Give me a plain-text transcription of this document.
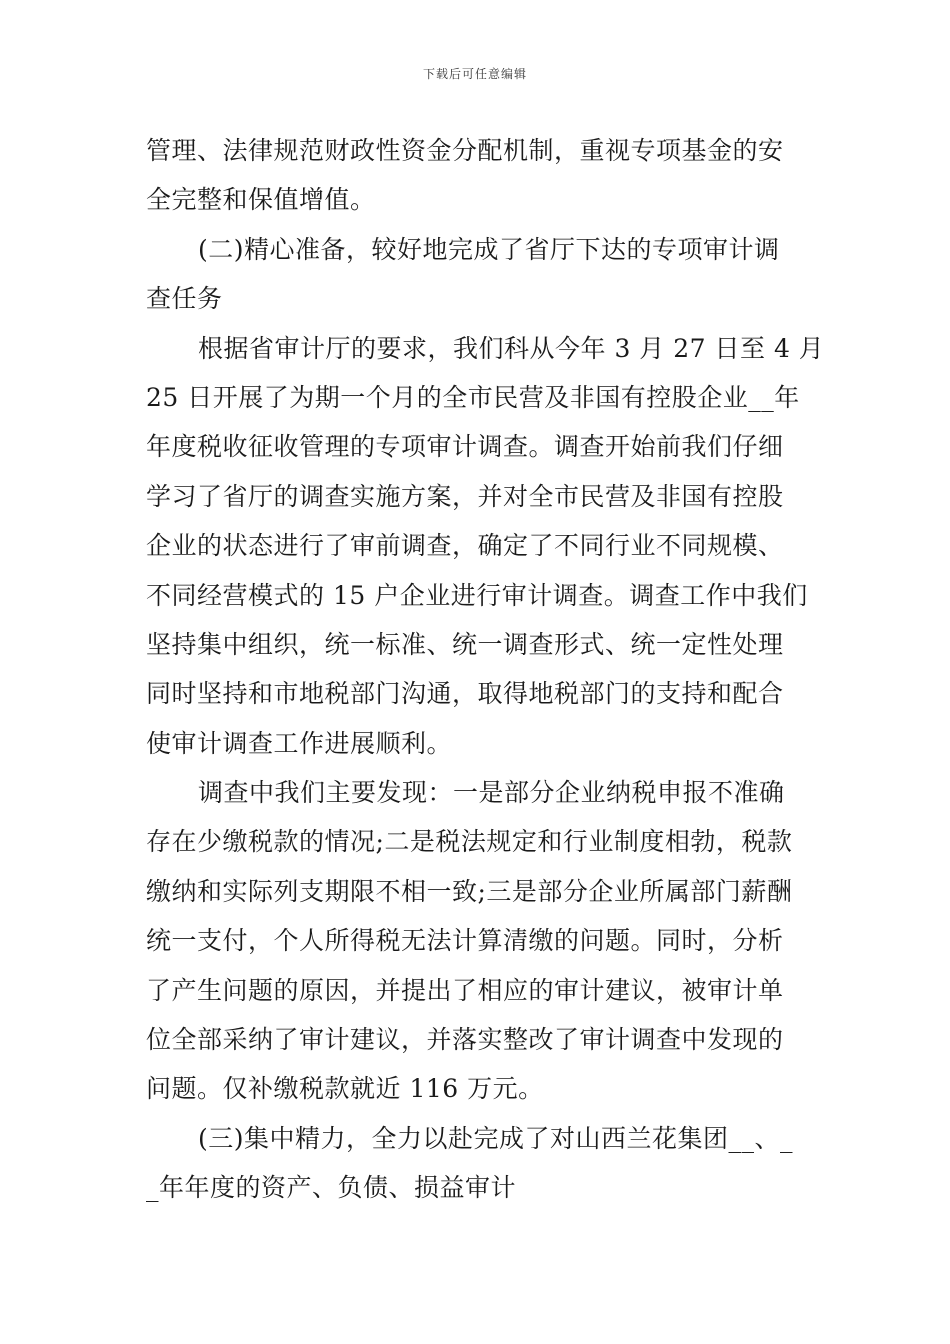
下载后可任意编辑
管理、法律规范财政性资金分配机制，重视专项基金的安
全完整和保值增值。
(二)精心准备，较好地完成了省厅下达的专项审计调
查任务
根据省审计厅的要求，我们科从今年 3 月 27 日至 4 月
25 日开展了为期一个月的全市民营及非国有控股企业__年
年度税收征收管理的专项审计调查。调查开始前我们仔细
学习了省厅的调查实施方案，并对全市民营及非国有控股
企业的状态进行了审前调查，确定了不同行业不同规模、
不同经营模式的 15 户企业进行审计调查。调查工作中我们
坚持集中组织，统一标准、统一调查形式、统一定性处理
同时坚持和市地税部门沟通，取得地税部门的支持和配合
使审计调查工作进展顺利。
调查中我们主要发现：一是部分企业纳税申报不准确
存在少缴税款的情况;二是税法规定和行业制度相勃，税款
缴纳和实际列支期限不相一致;三是部分企业所属部门薪酬
统一支付，个人所得税无法计算清缴的问题。同时，分析
了产生问题的原因，并提出了相应的审计建议，被审计单
位全部采纳了审计建议，并落实整改了审计调查中发现的
问题。仅补缴税款就近 116 万元。
(三)集中精力，全力以赴完成了对山西兰花集团__、_
_年年度的资产、负债、损益审计
